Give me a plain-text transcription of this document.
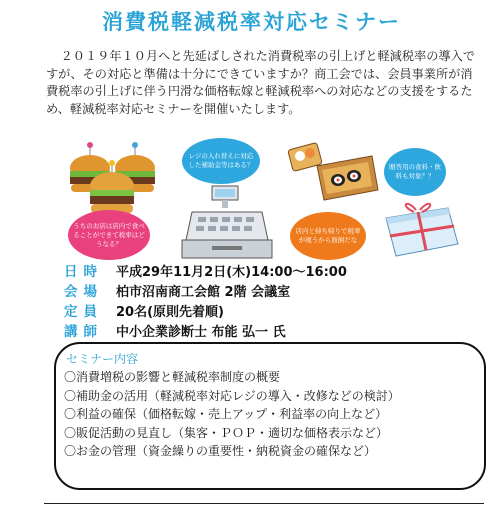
消費税軽減税率対応セミナー
２０１９年１０月へと先延ばしされた消費税率の引上げと軽減税率の導入ですが、その対応と準備は十分にできていますか？商工会では、会員事業所が消費税率の引上げに伴う円滑な価格転嫁と軽減税率への対応などの支援をするため、軽減税率対応セミナーを開催いたします。
うちのお店は店内で食べることができて税率はどうなる？
レジの入れ替えに対応した補助金等はある？
店内と持ち帰りで税率が違うから面倒だな
贈答用の食料・飲料も対象？？
日時	平成29年11月2日(木)14:00～16:00
会場	柏市沼南商工会館 2階 会議室
定員	20名(原則先着順)
講師	中小企業診断士 布能 弘一 氏
セミナー内容
〇消費増税の影響と軽減税率制度の概要
〇補助金の活用（軽減税率対応レジの導入・改修などの検討）
〇利益の確保（価格転嫁・売上アップ・利益率の向上など）
〇販促活動の見直し（集客・ＰＯＰ・適切な価格表示など）
〇お金の管理（資金繰りの重要性・納税資金の確保など）
